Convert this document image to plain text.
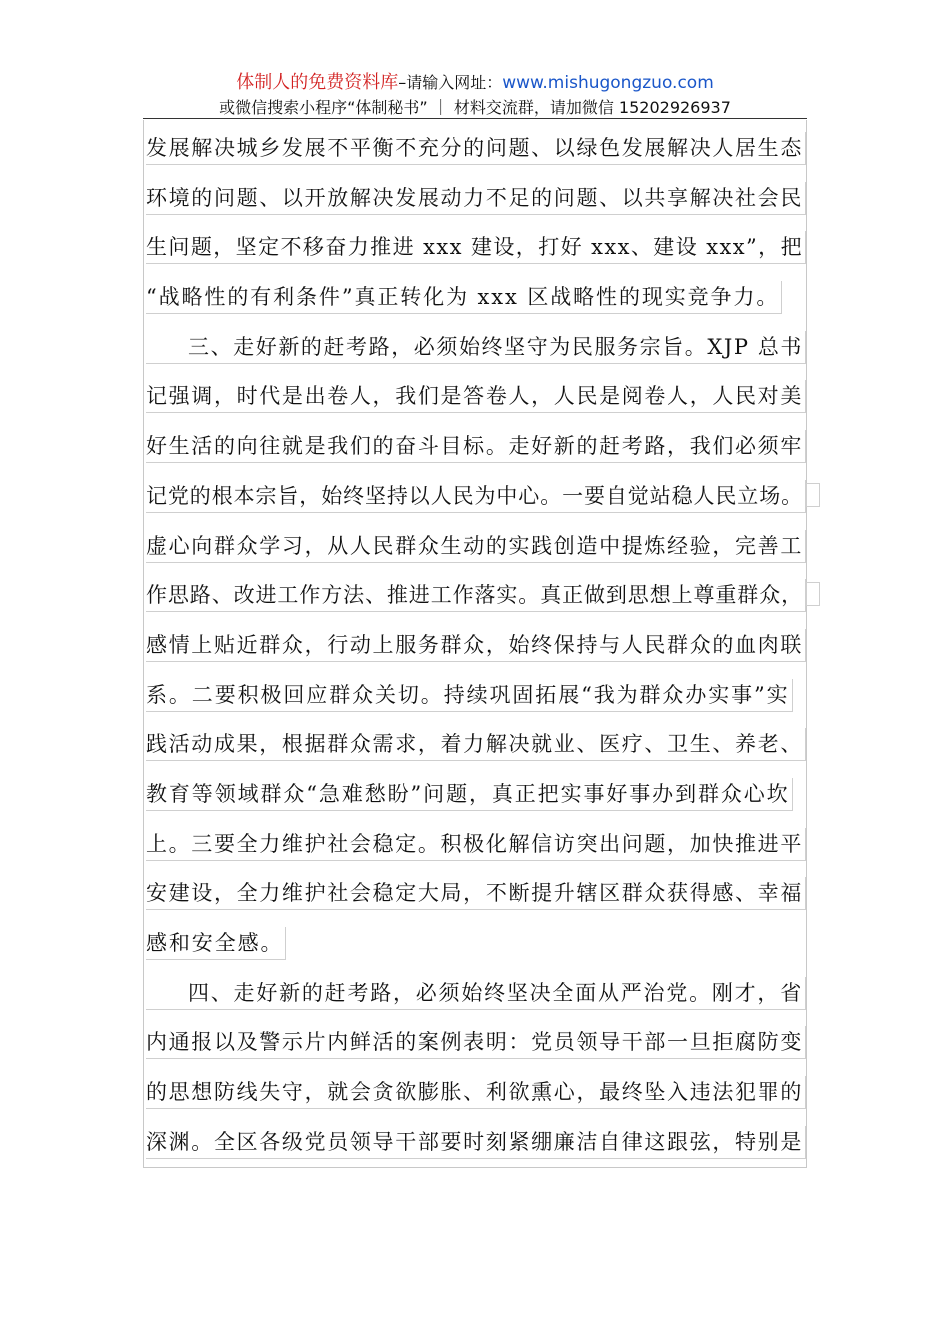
体制人的免费资料库–请输入网址：www.mishugongzuo.com
或微信搜索小程序“体制秘书” ｜ 材料交流群，请加微信 15202926937
发展解决城乡发展不平衡不充分的问题、以绿色发展解决人居生态
环境的问题、以开放解决发展动力不足的问题、以共享解决社会民
生问题，坚定不移奋力推进 xxx 建设，打好 xxx、建设 xxx”，把
“战略性的有利条件”真正转化为 xxx 区战略性的现实竞争力。
三、走好新的赶考路，必须始终坚守为民服务宗旨。XJP 总书
记强调，时代是出卷人，我们是答卷人，人民是阅卷人，人民对美
好生活的向往就是我们的奋斗目标。走好新的赶考路，我们必须牢
记党的根本宗旨，始终坚持以人民为中心。一要自觉站稳人民立场。
虚心向群众学习，从人民群众生动的实践创造中提炼经验，完善工
作思路、改进工作方法、推进工作落实。真正做到思想上尊重群众，
感情上贴近群众，行动上服务群众，始终保持与人民群众的血肉联
系。二要积极回应群众关切。持续巩固拓展“我为群众办实事”实
践活动成果，根据群众需求，着力解决就业、医疗、卫生、养老、
教育等领域群众“急难愁盼”问题，真正把实事好事办到群众心坎
上。三要全力维护社会稳定。积极化解信访突出问题，加快推进平
安建设，全力维护社会稳定大局，不断提升辖区群众获得感、幸福
感和安全感。
四、走好新的赶考路，必须始终坚决全面从严治党。刚才，省
内通报以及警示片内鲜活的案例表明：党员领导干部一旦拒腐防变
的思想防线失守，就会贪欲膨胀、利欲熏心，最终坠入违法犯罪的
深渊。全区各级党员领导干部要时刻紧绷廉洁自律这跟弦，特别是
